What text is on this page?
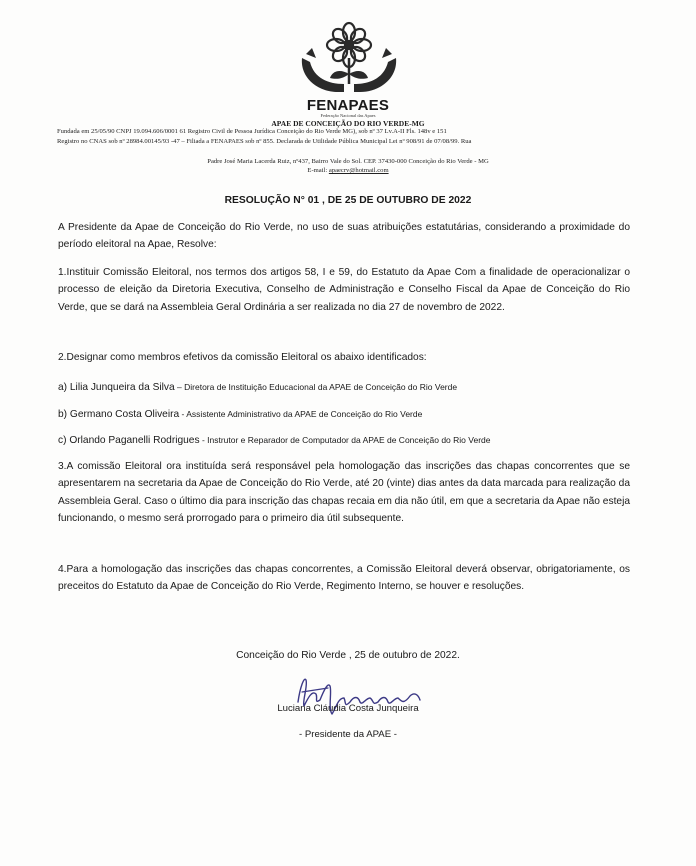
FENAPAES
Federação Nacional das Apaes
APAE DE CONCEIÇÃO DO RIO VERDE-MG
Fundada em 25/05/90 CNPJ 19.094.606/0001 61 Registro Civil de Pessoa Jurídica Conceição do Rio Verde MG), sob nº 37 Lv.A-II Fls. 148v e 151
Registro no CNAS sob nº 28984.00145/93 -47 – Filiada a FENAPAES sob nº 855. Declarada de Utilidade Pública Municipal Lei nº 908/91 de 07/08/99. Rua
Padre José Maria Lacerda Ruiz, nº437, Bairro Vale do Sol. CEP. 37430-000 Conceição do Rio Verde - MG
E-mail: apaecrv@hotmail.com
RESOLUÇÃO N° 01 , DE 25 DE OUTUBRO DE 2022

A Presidente da Apae de Conceição do Rio Verde, no uso de suas atribuições estatutárias, considerando a proximidade do período eleitoral na Apae, Resolve:

1.Instituir Comissão Eleitoral, nos termos dos artigos 58, I e 59, do Estatuto da Apae Com a finalidade de operacionalizar o processo de eleição da Diretoria Executiva, Conselho de Administração e Conselho Fiscal da Apae de Conceição do Rio Verde, que se dará na Assembleia Geral Ordinária a ser realizada no dia 27 de novembro de 2022.

2.Designar como membros efetivos da comissão Eleitoral os abaixo identificados:

a) Lilia Junqueira da Silva – Diretora de Instituição Educacional da APAE de Conceição do Rio Verde

b) Germano Costa Oliveira - Assistente Administrativo da APAE de Conceição do Rio Verde

c) Orlando Paganelli Rodrigues - Instrutor e Reparador de Computador da APAE de Conceição do Rio Verde

3.A comissão Eleitoral ora instituída será responsável pela homologação das inscrições das chapas concorrentes que se apresentarem na secretaria da Apae de Conceição do Rio Verde, até 20 (vinte) dias antes da data marcada para realização da Assembleia Geral. Caso o último dia para inscrição das chapas recaia em dia não útil, em que a secretaria da Apae não esteja funcionando, o mesmo será prorrogado para o primeiro dia útil subsequente.

4.Para a homologação das inscrições das chapas concorrentes, a Comissão Eleitoral deverá observar, obrigatoriamente, os preceitos do Estatuto da Apae de Conceição do Rio Verde, Regimento Interno, se houver e resoluções.

Conceição do Rio Verde , 25 de outubro de 2022.
Luciana Cláudia Costa Junqueira
- Presidente da APAE -
